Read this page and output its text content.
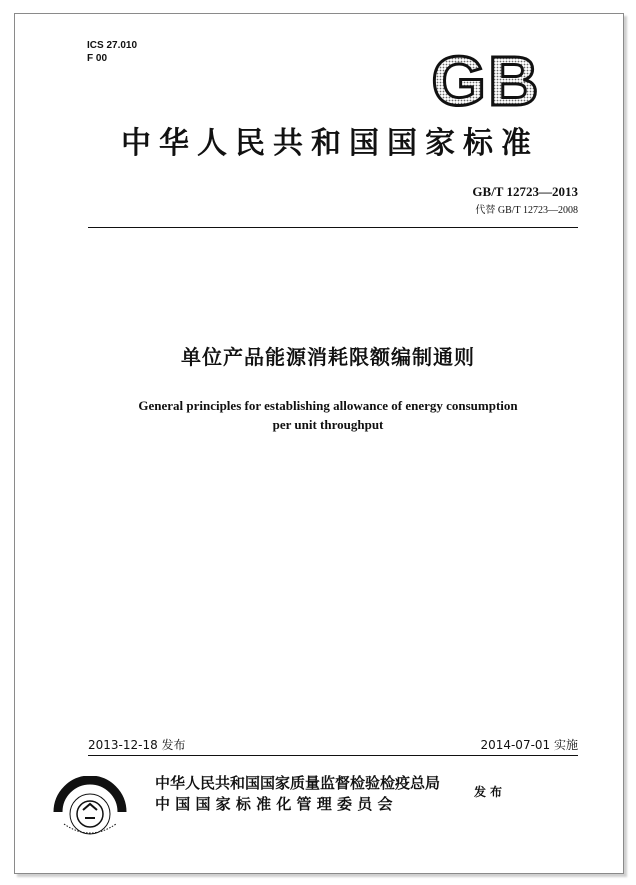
ICS 27.010
F 00	GB
中华人民共和国国家标准
GB/T 12723—2013
代替 GB/T 12723—2008
单位产品能源消耗限额编制通则
General principles for establishing allowance of energy consumption
per unit throughput
2013-12-18 发布	2014-07-01 实施
中华人民共和国国家质量监督检验检疫总局
中 国 国 家 标 准 化 管 理 委 员 会
发布
